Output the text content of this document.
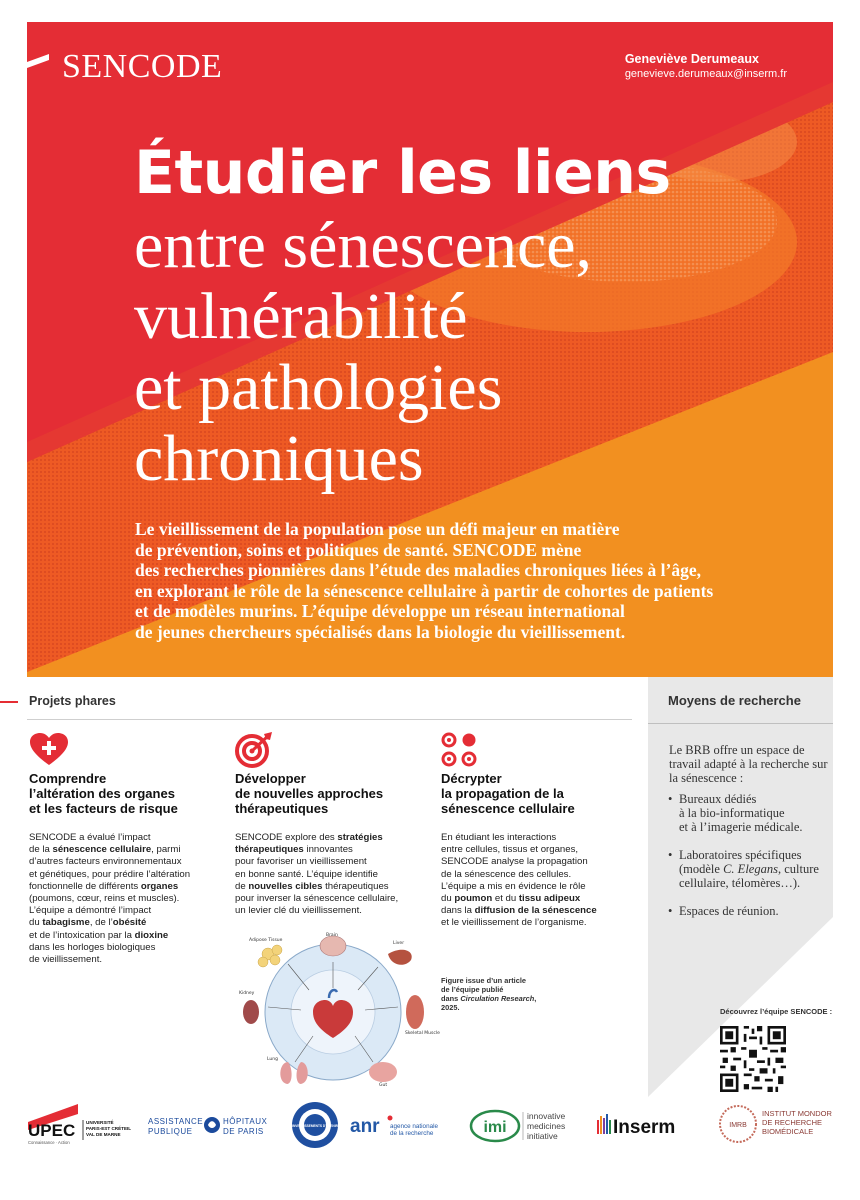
SENCODE	Geneviève Derumeaux
genevieve.derumeaux@inserm.fr
Étudier les liens
entre sénescence,
vulnérabilité
et pathologies
chroniques
Le vieillissement de la population pose un défi majeur en matière
de prévention, soins et politiques de santé. SENCODE mène
des recherches pionnières dans l’étude des maladies chroniques liées à l’âge,
en explorant le rôle de la sénescence cellulaire à partir de cohortes de patients
et de modèles murins. L’équipe développe un réseau international
de jeunes chercheurs spécialisés dans la biologie du vieillissement.
Moyens de recherche
Le BRB offre un espace de travail adapté à la recherche sur la sénescence :
• Bureaux dédiés
à la bio-informatique
et à l’imagerie médicale.
• Laboratoires spécifiques
(modèle C. Elegans, culture
cellulaire, télomères…).
• Espaces de réunion.
Découvrez l’équipe SENCODE :
Projets phares
Comprendre
l’altération des organes
et les facteurs de risque

SENCODE a évalué l’impact
de la sénescence cellulaire, parmi
d’autres facteurs environnementaux
et génétiques, pour prédire l’altération
fonctionnelle de différents organes
(poumons, cœur, reins et muscles).
L’équipe a démontré l’impact
du tabagisme, de l’obésité
et de l’intoxication par la dioxine
dans les horloges biologiques
de vieillissement.

Développer
de nouvelles approches
thérapeutiques

SENCODE explore des stratégies
thérapeutiques innovantes
pour favoriser un vieillissement
en bonne santé. L’équipe identifie
de nouvelles cibles thérapeutiques
pour inverser la sénescence cellulaire,
un levier clé du vieillissement.

Décrypter
la propagation de la
sénescence cellulaire

En étudiant les interactions
entre cellules, tissus et organes,
SENCODE analyse la propagation
de la sénescence des cellules.
L’équipe a mis en évidence le rôle
du poumon et du tissu adipeux
dans la diffusion de la sénescence
et le vieillissement de l’organisme.

Brain
Liver
Skeletal Muscle
Gut
Lung
Kidney
Adipose Tissue
Figure issue d’un article
de l’équipe publié
dans Circulation Research,
2025.
UPEC UNIVERSITÉ
PARIS-EST CRÉTEIL
VAL DE MARNE
Connaissance · Action
ASSISTANCE
PUBLIQUE
HÔPITAUX
DE PARIS
INVESTISSEMENTS D’AVENIR anr agence nationale
de la recherche	imi
innovative
medicines
initiative	Inserm	IMRB
INSTITUT MONDOR
DE RECHERCHE
BIOMÉDICALE
